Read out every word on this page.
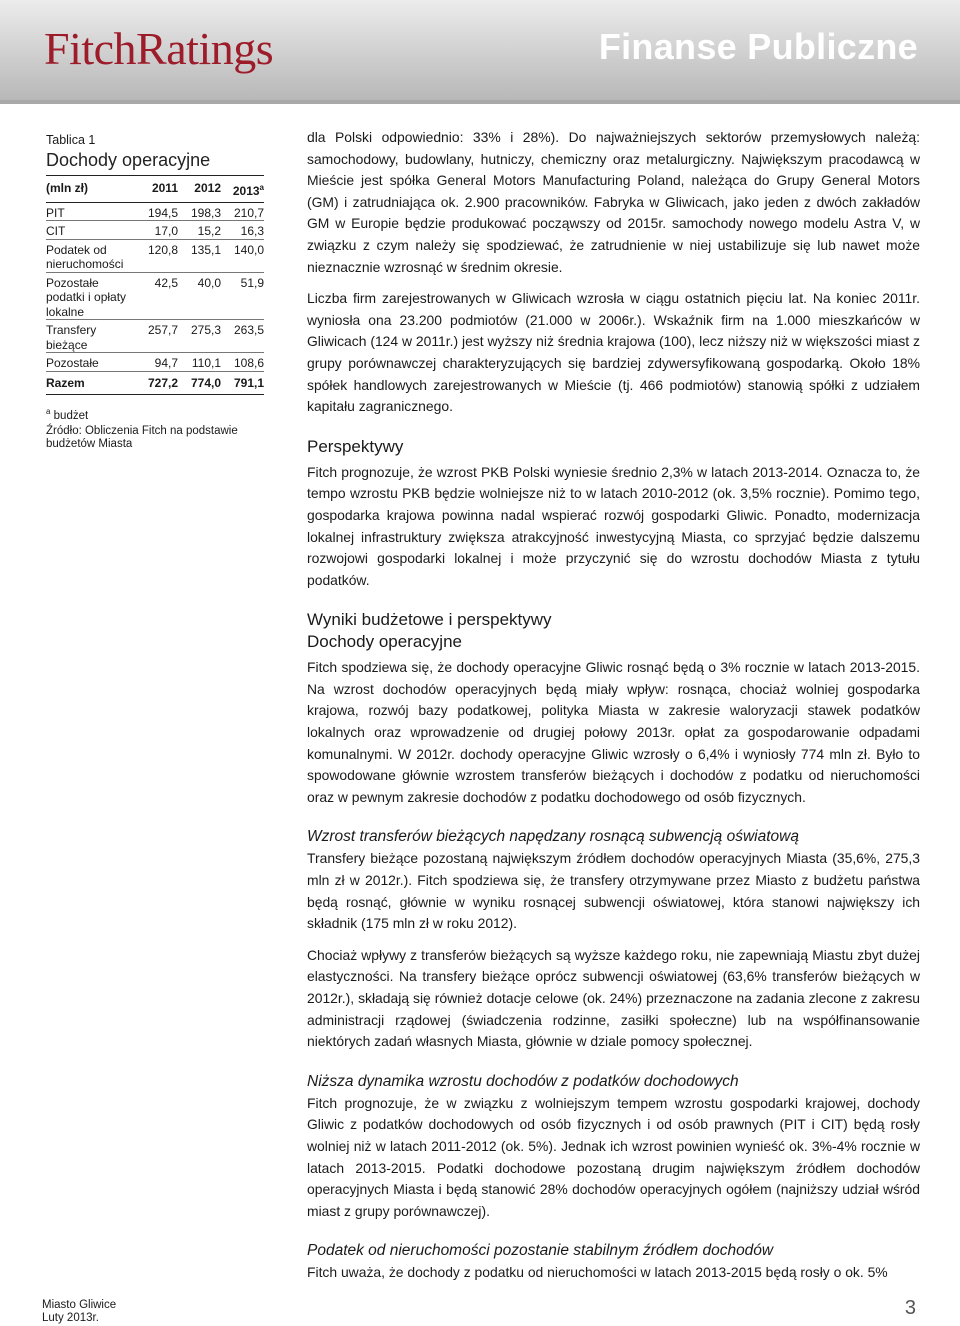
FitchRatings	Finanse Publiczne
Tablica 1
Dochody operacyjne
(mln zł)	2011	2012	2013$^a$
PIT	194,5	198,3	210,7
CIT	17,0	15,2	16,3
Podatek od nieruchomości	120,8	135,1	140,0
Pozostałe podatki i opłaty lokalne	42,5	40,0	51,9
Transfery bieżące	257,7	275,3	263,5
Pozostałe	94,7	110,1	108,6
Razem	727,2	774,0	791,1
$^a$ budżet
Źródło: Obliczenia Fitch na podstawie budżetów Miasta

dla Polski odpowiednio: 33% i 28%). Do najważniejszych sektorów przemysłowych należą: samochodowy, budowlany, hutniczy, chemiczny oraz metalurgiczny. Największym pracodawcą w Mieście jest spółka General Motors Manufacturing Poland, należąca do Grupy General Motors (GM) i zatrudniająca ok. 2.900 pracowników. Fabryka w Gliwicach, jako jeden z dwóch zakładów GM w Europie będzie produkować począwszy od 2015r. samochody nowego modelu Astra V, w związku z czym należy się spodziewać, że zatrudnienie w niej ustabilizuje się lub nawet może nieznacznie wzrosnąć w średnim okresie.

Liczba firm zarejestrowanych w Gliwicach wzrosła w ciągu ostatnich pięciu lat. Na koniec 2011r. wyniosła ona 23.200 podmiotów (21.000 w 2006r.). Wskaźnik firm na 1.000 mieszkańców w Gliwicach (124 w 2011r.) jest wyższy niż średnia krajowa (100), lecz niższy niż w większości miast z grupy porównawczej charakteryzujących się bardziej zdywersyfikowaną gospodarką. Około 18% spółek handlowych zarejestrowanych w Mieście (tj. 466 podmiotów) stanowią spółki z udziałem kapitału zagranicznego.

Perspektywy

Fitch prognozuje, że wzrost PKB Polski wyniesie średnio 2,3% w latach 2013-2014. Oznacza to, że tempo wzrostu PKB będzie wolniejsze niż to w latach 2010-2012 (ok. 3,5% rocznie). Pomimo tego, gospodarka krajowa powinna nadal wspierać rozwój gospodarki Gliwic. Ponadto, modernizacja lokalnej infrastruktury zwiększa atrakcyjność inwestycyjną Miasta, co sprzyjać będzie dalszemu rozwojowi gospodarki lokalnej i może przyczynić się do wzrostu dochodów Miasta z tytułu podatków.

Wyniki budżetowe i perspektywy
Dochody operacyjne

Fitch spodziewa się, że dochody operacyjne Gliwic rosnąć będą o 3% rocznie w latach 2013-2015. Na wzrost dochodów operacyjnych będą miały wpływ: rosnąca, chociaż wolniej gospodarka krajowa, rozwój bazy podatkowej, polityka Miasta w zakresie waloryzacji stawek podatków lokalnych oraz wprowadzenie od drugiej połowy 2013r. opłat za gospodarowanie odpadami komunalnymi. W 2012r. dochody operacyjne Gliwic wzrosły o 6,4% i wyniosły 774 mln zł. Było to spowodowane głównie wzrostem transferów bieżących i dochodów z podatku od nieruchomości oraz w pewnym zakresie dochodów z podatku dochodowego od osób fizycznych.

Wzrost transferów bieżących napędzany rosnącą subwencją oświatową

Transfery bieżące pozostaną największym źródłem dochodów operacyjnych Miasta (35,6%, 275,3 mln zł w 2012r.). Fitch spodziewa się, że transfery otrzymywane przez Miasto z budżetu państwa będą rosnąć, głównie w wyniku rosnącej subwencji oświatowej, która stanowi największy ich składnik (175 mln zł w roku 2012).

Chociaż wpływy z transferów bieżących są wyższe każdego roku, nie zapewniają Miastu zbyt dużej elastyczności. Na transfery bieżące oprócz subwencji oświatowej (63,6% transferów bieżących w 2012r.), składają się również dotacje celowe (ok. 24%) przeznaczone na zadania zlecone z zakresu administracji rządowej (świadczenia rodzinne, zasiłki społeczne) lub na współfinansowanie niektórych zadań własnych Miasta, głównie w dziale pomocy społecznej.

Niższa dynamika wzrostu dochodów z podatków dochodowych

Fitch prognozuje, że w związku z wolniejszym tempem wzrostu gospodarki krajowej, dochody Gliwic z podatków dochodowych od osób fizycznych i od osób prawnych (PIT i CIT) będą rosły wolniej niż w latach 2011-2012 (ok. 5%). Jednak ich wzrost powinien wynieść ok. 3%-4% rocznie w latach 2013-2015. Podatki dochodowe pozostaną drugim największym źródłem dochodów operacyjnych Miasta i będą stanowić 28% dochodów operacyjnych ogółem (najniższy udział wśród miast z grupy porównawczej).

Podatek od nieruchomości pozostanie stabilnym źródłem dochodów

Fitch uważa, że dochody z podatku od nieruchomości w latach 2013-2015 będą rosły o ok. 5%

Miasto Gliwice
Luty 2013r.	3
